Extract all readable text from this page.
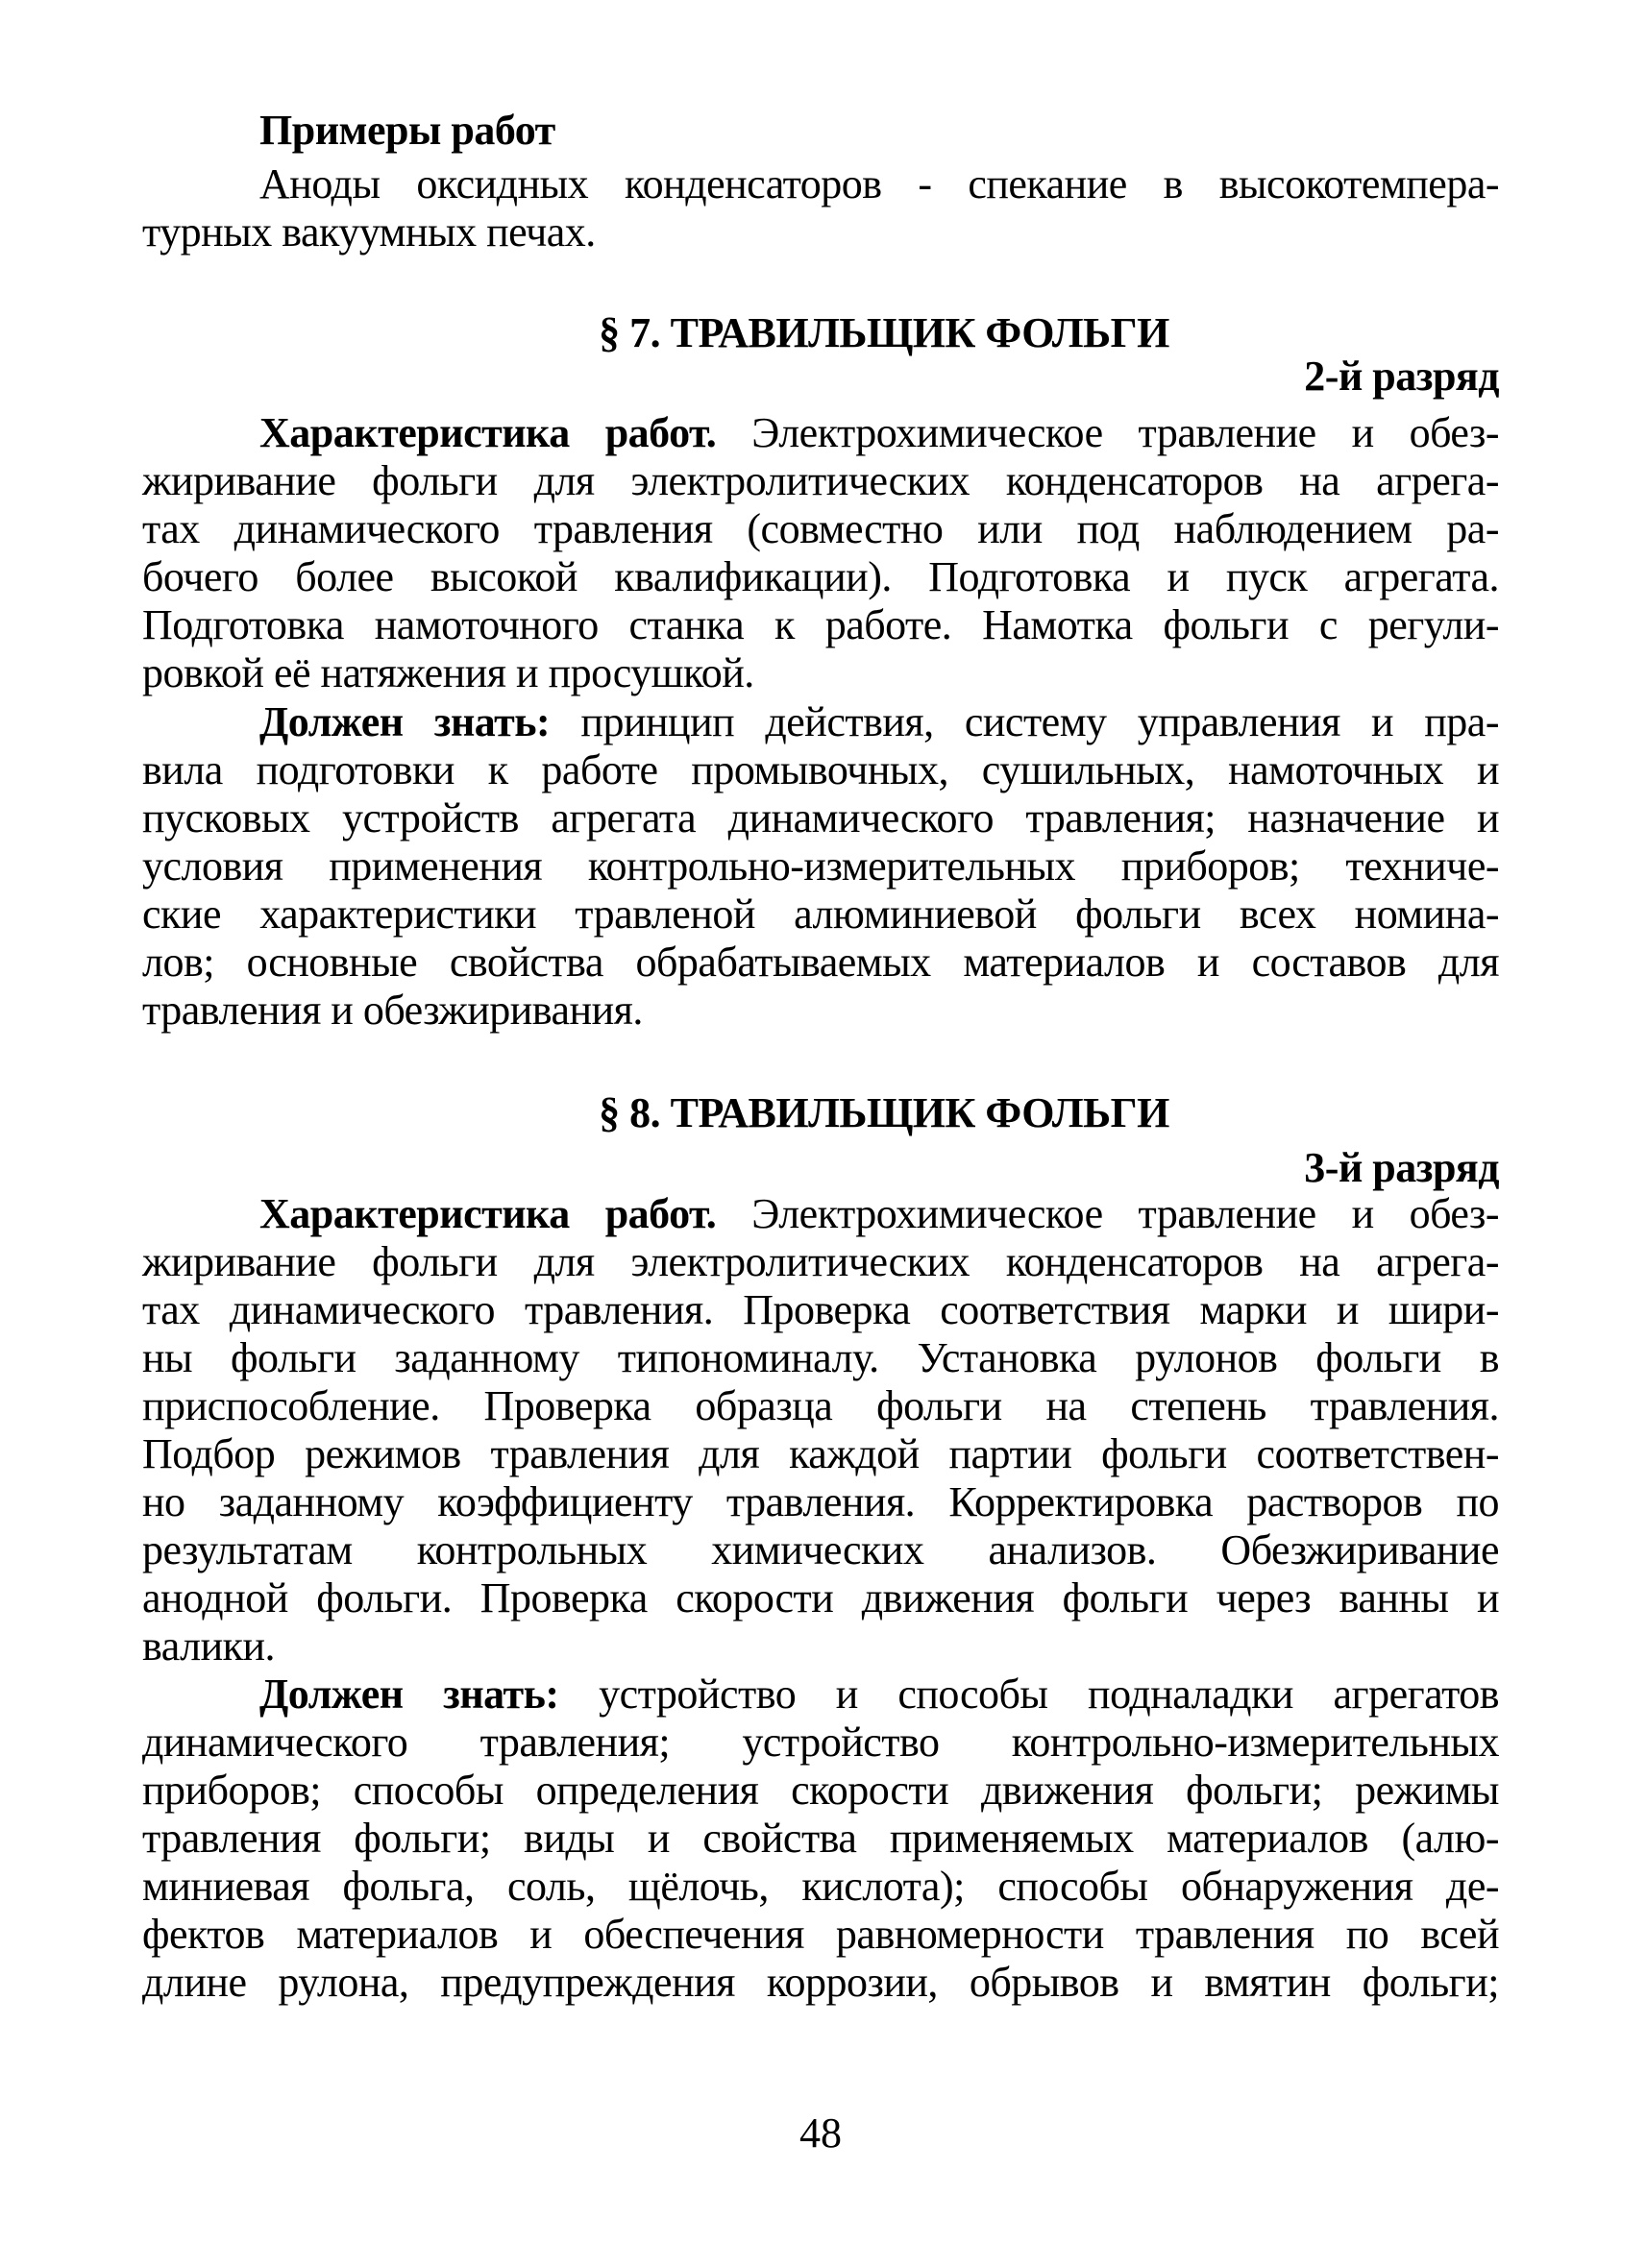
Примеры работ
Аноды оксидных конденсаторов - спекание в высокотемпера-
турных вакуумных печах.
§ 7. ТРАВИЛЬЩИК ФОЛЬГИ
2-й разряд
Характеристика работ. Электрохимическое травление и обез-
жиривание фольги для электролитических конденсаторов на агрега-
тах динамического травления (совместно или под наблюдением ра-
бочего более высокой квалификации). Подготовка и пуск агрегата.
Подготовка намоточного станка к работе. Намотка фольги с регули-
ровкой её натяжения и просушкой.
Должен знать: принцип действия, систему управления и пра-
вила подготовки к работе промывочных, сушильных, намоточных и
пусковых устройств агрегата динамического травления; назначение и
условия применения контрольно-измерительных приборов; техниче-
ские характеристики травленой алюминиевой фольги всех номина-
лов; основные свойства обрабатываемых материалов и составов для
травления и обезжиривания.
§ 8. ТРАВИЛЬЩИК ФОЛЬГИ
3-й разряд
Характеристика работ. Электрохимическое травление и обез-
жиривание фольги для электролитических конденсаторов на агрега-
тах динамического травления. Проверка соответствия марки и шири-
ны фольги заданному типономиналу. Установка рулонов фольги в
приспособление. Проверка образца фольги на степень травления.
Подбор режимов травления для каждой партии фольги соответствен-
но заданному коэффициенту травления. Корректировка растворов по
результатам контрольных химических анализов. Обезжиривание
анодной фольги. Проверка скорости движения фольги через ванны и
валики.
Должен знать: устройство и способы подналадки агрегатов
динамического травления; устройство контрольно-измерительных
приборов; способы определения скорости движения фольги; режимы
травления фольги; виды и свойства применяемых материалов (алю-
миниевая фольга, соль, щёлочь, кислота); способы обнаружения де-
фектов материалов и обеспечения равномерности травления по всей
длине рулона, предупреждения коррозии, обрывов и вмятин фольги;
48
